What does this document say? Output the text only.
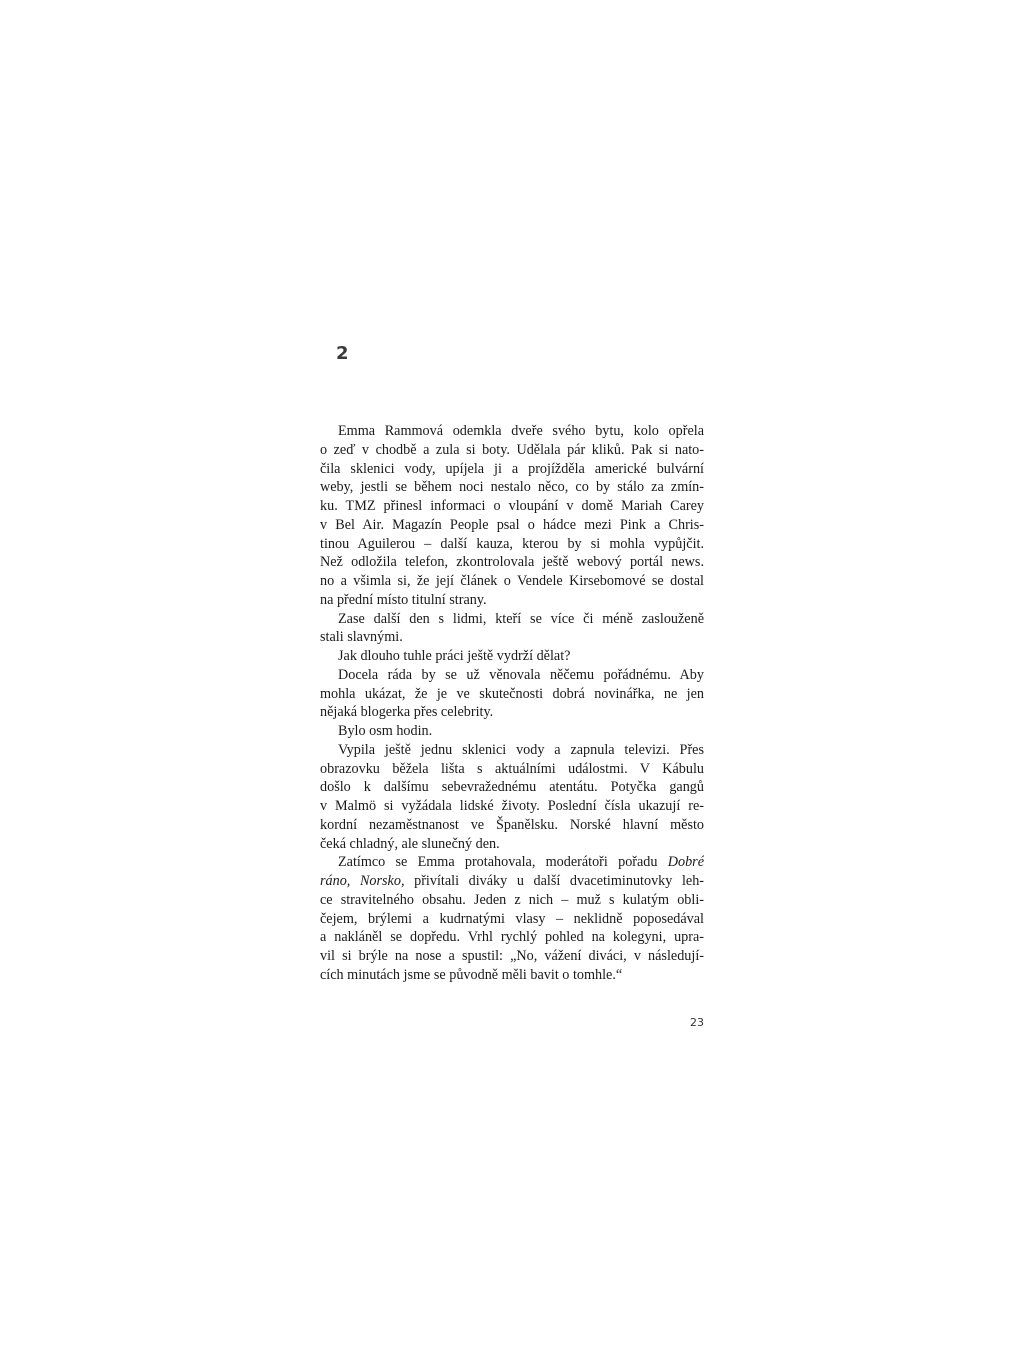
2
Emma Rammová odemkla dveře svého bytu, kolo opřela
o zeď v chodbě a zula si boty. Udělala pár kliků. Pak si nato-
čila sklenici vody, upíjela ji a projížděla americké bulvární
weby, jestli se během noci nestalo něco, co by stálo za zmín-
ku. TMZ přinesl informaci o vloupání v domě Mariah Carey
v Bel Air. Magazín People psal o hádce mezi Pink a Chris-
tinou Aguilerou – další kauza, kterou by si mohla vypůjčit.
Než odložila telefon, zkontrolovala ještě webový portál news.
no a všimla si, že její článek o Vendele Kirsebomové se dostal
na přední místo titulní strany.
Zase další den s lidmi, kteří se více či méně zaslouženě
stali slavnými.
Jak dlouho tuhle práci ještě vydrží dělat?
Docela ráda by se už věnovala něčemu pořádnému. Aby
mohla ukázat, že je ve skutečnosti dobrá novinářka, ne jen
nějaká blogerka přes celebrity.
Bylo osm hodin.
Vypila ještě jednu sklenici vody a zapnula televizi. Přes
obrazovku běžela lišta s aktuálními událostmi. V Kábulu
došlo k dalšímu sebevražednému atentátu. Potyčka gangů
v Malmö si vyžádala lidské životy. Poslední čísla ukazují re-
kordní nezaměstnanost ve Španělsku. Norské hlavní město
čeká chladný, ale slunečný den.
Zatímco se Emma protahovala, moderátoři pořadu Dobré
ráno, Norsko, přivítali diváky u další dvacetiminutovky leh-
ce stravitelného obsahu. Jeden z nich – muž s kulatým obli-
čejem, brýlemi a kudrnatými vlasy – neklidně poposedával
a nakláněl se dopředu. Vrhl rychlý pohled na kolegyni, upra-
vil si brýle na nose a spustil: „No, vážení diváci, v následují-
cích minutách jsme se původně měli bavit o tomhle.“
23
